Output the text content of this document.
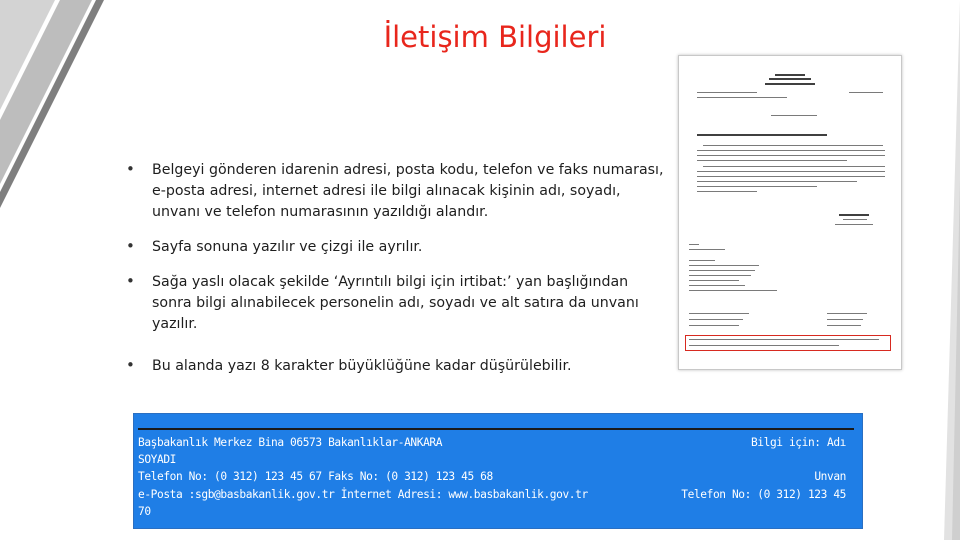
İletişim Bilgileri
• Belgeyi gönderen idarenin adresi, posta kodu, telefon ve faks numarası, e-posta adresi, internet adresi ile bilgi alınacak kişinin adı, soyadı, unvanı ve telefon numarasının yazıldığı alandır.
• Sayfa sonuna yazılır ve çizgi ile ayrılır.
• Sağa yaslı olacak şekilde ‘Ayrıntılı bilgi için irtibat:’ yan başlığından sonra bilgi alınabilecek personelin adı, soyadı ve alt satıra da unvanı yazılır.
• Bu alanda yazı 8 karakter büyüklüğüne kadar düşürülebilir.
Başbakanlık Merkez Bina 06573 Bakanlıklar-ANKARA
SOYADI
Telefon No: (0 312) 123 45 67 Faks No: (0 312) 123 45 68
e-Posta :sgb@basbakanlik.gov.tr İnternet Adresi: www.basbakanlik.gov.tr
70
Bilgi için: Adı

Unvan
Telefon No: (0 312) 123 45
